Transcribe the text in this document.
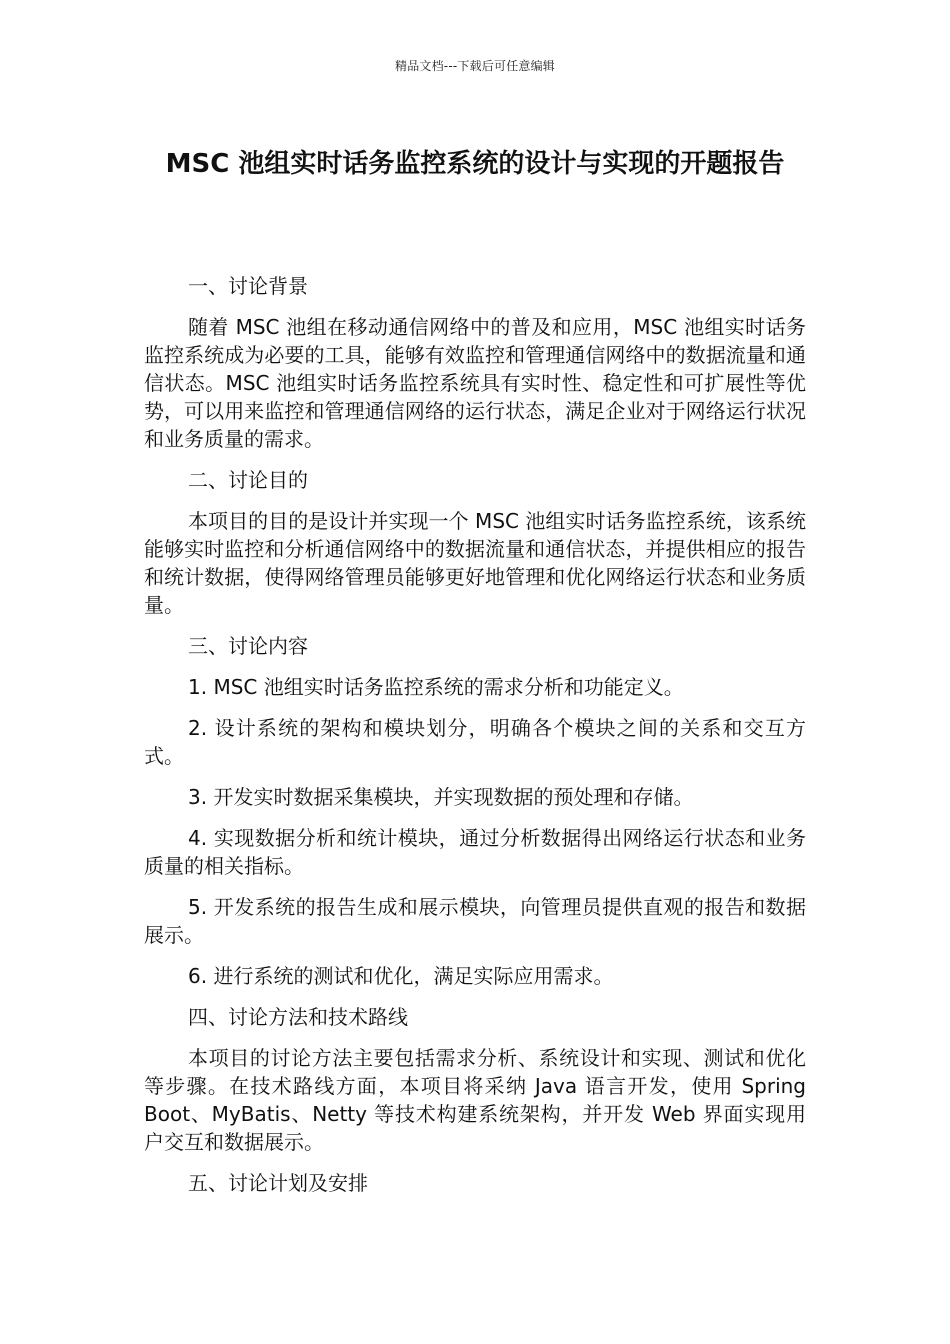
精品文档---下载后可任意编辑
MSC 池组实时话务监控系统的设计与实现的开题报告

一、讨论背景

随着 MSC 池组在移动通信网络中的普及和应用，MSC 池组实时话务监控系统成为必要的工具，能够有效监控和管理通信网络中的数据流量和通信状态。MSC 池组实时话务监控系统具有实时性、稳定性和可扩展性等优势，可以用来监控和管理通信网络的运行状态，满足企业对于网络运行状况和业务质量的需求。

二、讨论目的

本项目的目的是设计并实现一个 MSC 池组实时话务监控系统，该系统能够实时监控和分析通信网络中的数据流量和通信状态，并提供相应的报告和统计数据，使得网络管理员能够更好地管理和优化网络运行状态和业务质量。

三、讨论内容

1. MSC 池组实时话务监控系统的需求分析和功能定义。

2. 设计系统的架构和模块划分，明确各个模块之间的关系和交互方式。

3. 开发实时数据采集模块，并实现数据的预处理和存储。

4. 实现数据分析和统计模块，通过分析数据得出网络运行状态和业务质量的相关指标。

5. 开发系统的报告生成和展示模块，向管理员提供直观的报告和数据展示。

6. 进行系统的测试和优化，满足实际应用需求。

四、讨论方法和技术路线

本项目的讨论方法主要包括需求分析、系统设计和实现、测试和优化等步骤。在技术路线方面，本项目将采纳 Java 语言开发，使用 Spring Boot、MyBatis、Netty 等技术构建系统架构，并开发 Web 界面实现用户交互和数据展示。

五、讨论计划及安排
